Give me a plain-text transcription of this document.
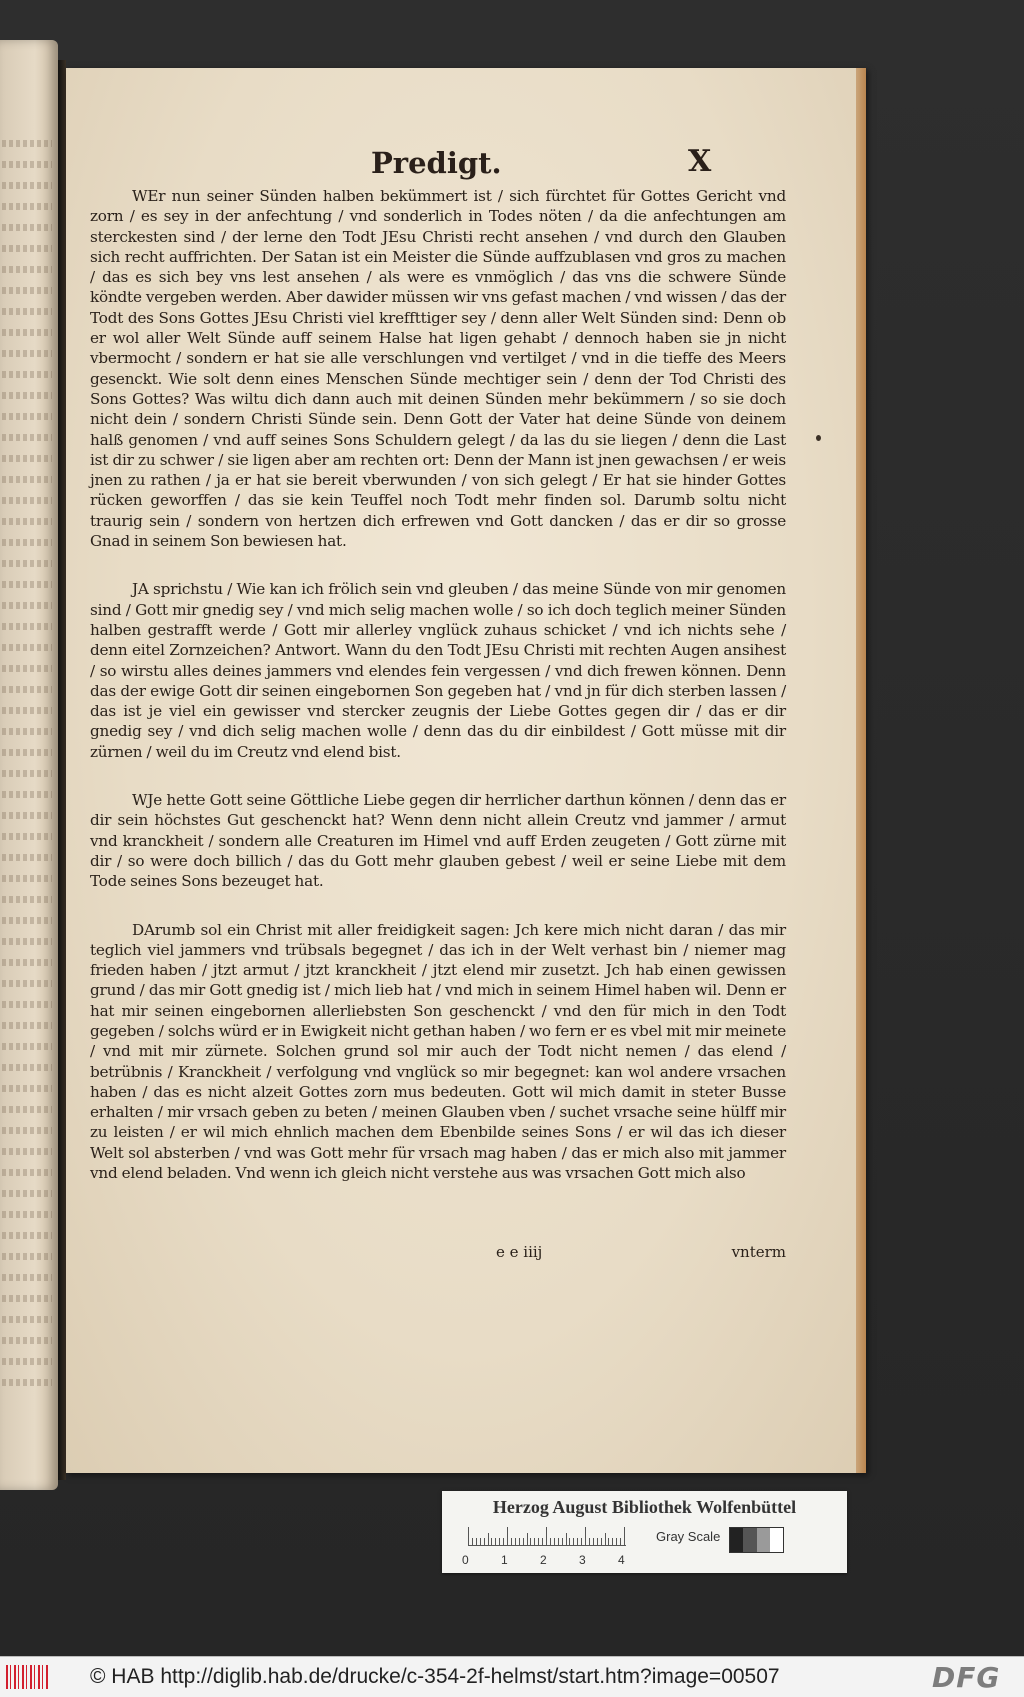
Predigt.	X

WEr nun seiner Sünden halben bekümmert ist / sich fürchtet für Gottes Gericht vnd zorn / es sey in der anfechtung / vnd sonderlich in Todes nöten / da die anfechtungen am sterckesten sind / der lerne den Todt JEsu Christi recht ansehen / vnd durch den Glauben sich recht auffrichten. Der Satan ist ein Meister die Sünde auffzublasen vnd gros zu machen / das es sich bey vns lest ansehen / als were es vnmöglich / das vns die schwere Sünde köndte vergeben werden. Aber dawider müssen wir vns gefast machen / vnd wissen / das der Todt des Sons Gottes JEsu Christi viel kreffttiger sey / denn aller Welt Sünden sind: Denn ob er wol aller Welt Sünde auff seinem Halse hat ligen gehabt / dennoch haben sie jn nicht vbermocht / sondern er hat sie alle verschlungen vnd vertilget / vnd in die tieffe des Meers gesenckt. Wie solt denn eines Menschen Sünde mechtiger sein / denn der Tod Christi des Sons Gottes? Was wiltu dich dann auch mit deinen Sünden mehr bekümmern / so sie doch nicht dein / sondern Christi Sünde sein. Denn Gott der Vater hat deine Sünde von deinem halß genomen / vnd auff seines Sons Schuldern gelegt / da las du sie liegen / denn die Last ist dir zu schwer / sie ligen aber am rechten ort: Denn der Mann ist jnen gewachsen / er weis jnen zu rathen / ja er hat sie bereit vberwunden / von sich gelegt / Er hat sie hinder Gottes rücken geworffen / das sie kein Teuffel noch Todt mehr finden sol. Darumb soltu nicht traurig sein / sondern von hertzen dich erfrewen vnd Gott dancken / das er dir so grosse Gnad in seinem Son bewiesen hat.

JA sprichstu / Wie kan ich frölich sein vnd gleuben / das meine Sünde von mir genomen sind / Gott mir gnedig sey / vnd mich selig machen wolle / so ich doch teglich meiner Sünden halben gestrafft werde / Gott mir allerley vnglück zuhaus schicket / vnd ich nichts sehe / denn eitel Zornzeichen? Antwort. Wann du den Todt JEsu Christi mit rechten Augen ansihest / so wirstu alles deines jammers vnd elendes fein vergessen / vnd dich frewen können. Denn das der ewige Gott dir seinen eingebornen Son gegeben hat / vnd jn für dich sterben lassen / das ist je viel ein gewisser vnd stercker zeugnis der Liebe Gottes gegen dir / das er dir gnedig sey / vnd dich selig machen wolle / denn das du dir einbildest / Gott müsse mit dir zürnen / weil du im Creutz vnd elend bist.

WJe hette Gott seine Göttliche Liebe gegen dir herrlicher darthun können / denn das er dir sein höchstes Gut geschenckt hat? Wenn denn nicht allein Creutz vnd jammer / armut vnd kranckheit / sondern alle Creaturen im Himel vnd auff Erden zeugeten / Gott zürne mit dir / so were doch billich / das du Gott mehr glauben gebest / weil er seine Liebe mit dem Tode seines Sons bezeuget hat.

DArumb sol ein Christ mit aller freidigkeit sagen: Jch kere mich nicht daran / das mir teglich viel jammers vnd trübsals begegnet / das ich in der Welt verhast bin / niemer mag frieden haben / jtzt armut / jtzt kranckheit / jtzt elend mir zusetzt. Jch hab einen gewissen grund / das mir Gott gnedig ist / mich lieb hat / vnd mich in seinem Himel haben wil. Denn er hat mir seinen eingebornen allerliebsten Son geschenckt / vnd den für mich in den Todt gegeben / solchs würd er in Ewigkeit nicht gethan haben / wo fern er es vbel mit mir meinete / vnd mit mir zürnete. Solchen grund sol mir auch der Todt nicht nemen / das elend / betrübnis / Kranckheit / verfolgung vnd vnglück so mir begegnet: kan wol andere vrsachen haben / das es nicht alzeit Gottes zorn mus bedeuten. Gott wil mich damit in steter Busse erhalten / mir vrsach geben zu beten / meinen Glauben vben / suchet vrsache seine hülff mir zu leisten / er wil mich ehnlich machen dem Ebenbilde seines Sons / er wil das ich dieser Welt sol absterben / vnd was Gott mehr für vrsach mag haben / das er mich also mit jammer vnd elend beladen. Vnd wenn ich gleich nicht verstehe aus was vrsachen Gott mich also

e e iiij	vnterm
Herzog August Bibliothek Wolfenbüttel
0	1	2	3	4
Gray Scale
© HAB http://diglib.hab.de/drucke/c-354-2f-helmst/start.htm?image=00507	DFG
